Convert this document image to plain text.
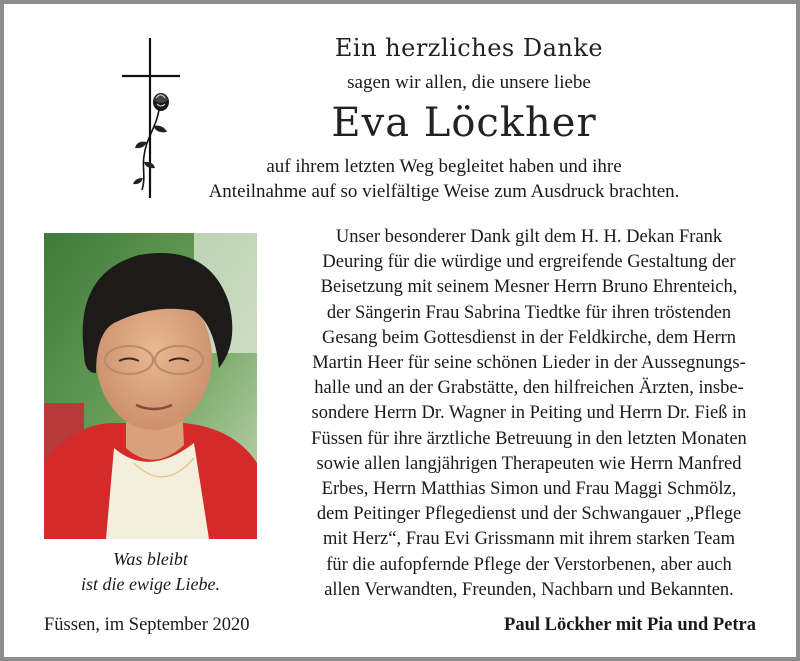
Ein herzliches Danke
sagen wir allen, die unsere liebe
Eva Löckher
auf ihrem letzten Weg begleitet haben und ihre
Anteilnahme auf so vielfältige Weise zum Ausdruck brachten.
Was bleibt
ist die ewige Liebe.
Unser besonderer Dank gilt dem H. H. Dekan Frank
Deuring für die würdige und ergreifende Gestaltung der
Beisetzung mit seinem Mesner Herrn Bruno Ehrenteich,
der Sängerin Frau Sabrina Tiedtke für ihren tröstenden
Gesang beim Gottesdienst in der Feldkirche, dem Herrn
Martin Heer für seine schönen Lieder in der Aussegnungs-
halle und an der Grabstätte, den hilfreichen Ärzten, insbe-
sondere Herrn Dr. Wagner in Peiting und Herrn Dr. Fieß in
Füssen für ihre ärztliche Betreuung in den letzten Monaten
sowie allen langjährigen Therapeuten wie Herrn Manfred
Erbes, Herrn Matthias Simon und Frau Maggi Schmölz,
dem Peitinger Pflegedienst und der Schwangauer „Pflege
mit Herz“, Frau Evi Grissmann mit ihrem starken Team
für die aufopfernde Pflege der Verstorbenen, aber auch
allen Verwandten, Freunden, Nachbarn und Bekannten.
Füssen, im September 2020	Paul Löckher mit Pia und Petra
